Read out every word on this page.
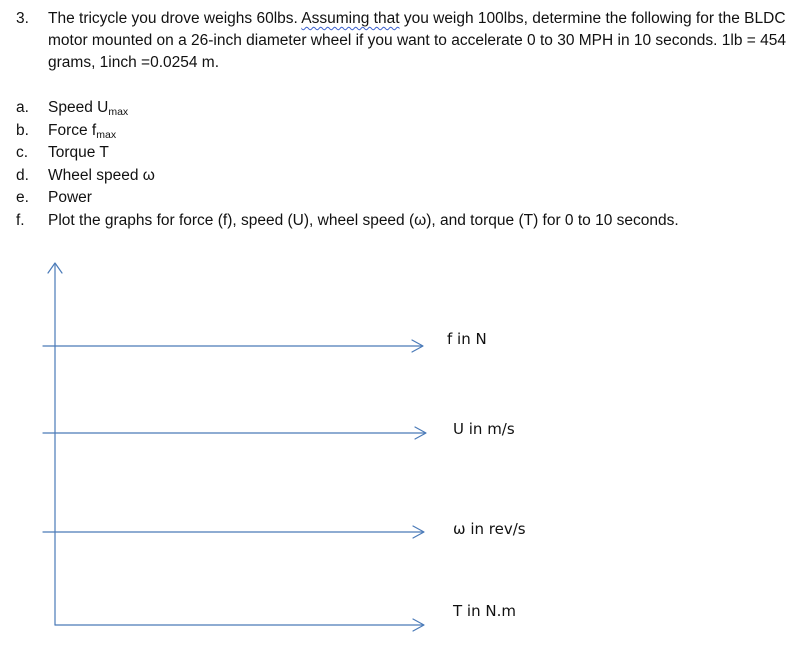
3. The tricycle you drove weighs 60lbs. Assuming that you weigh 100lbs, determine the following for the BLDC motor mounted on a 26-inch diameter wheel if you want to accelerate 0 to 30 MPH in 10 seconds. 1lb = 454 grams, 1inch =0.0254 m.
a. Speed Umax
b. Force fmax
c. Torque T
d. Wheel speed ω
e. Power
f. Plot the graphs for force (f), speed (U), wheel speed (ω), and torque (T) for 0 to 10 seconds.
f in N
U in m/s
ω in rev/s
T in N.m
